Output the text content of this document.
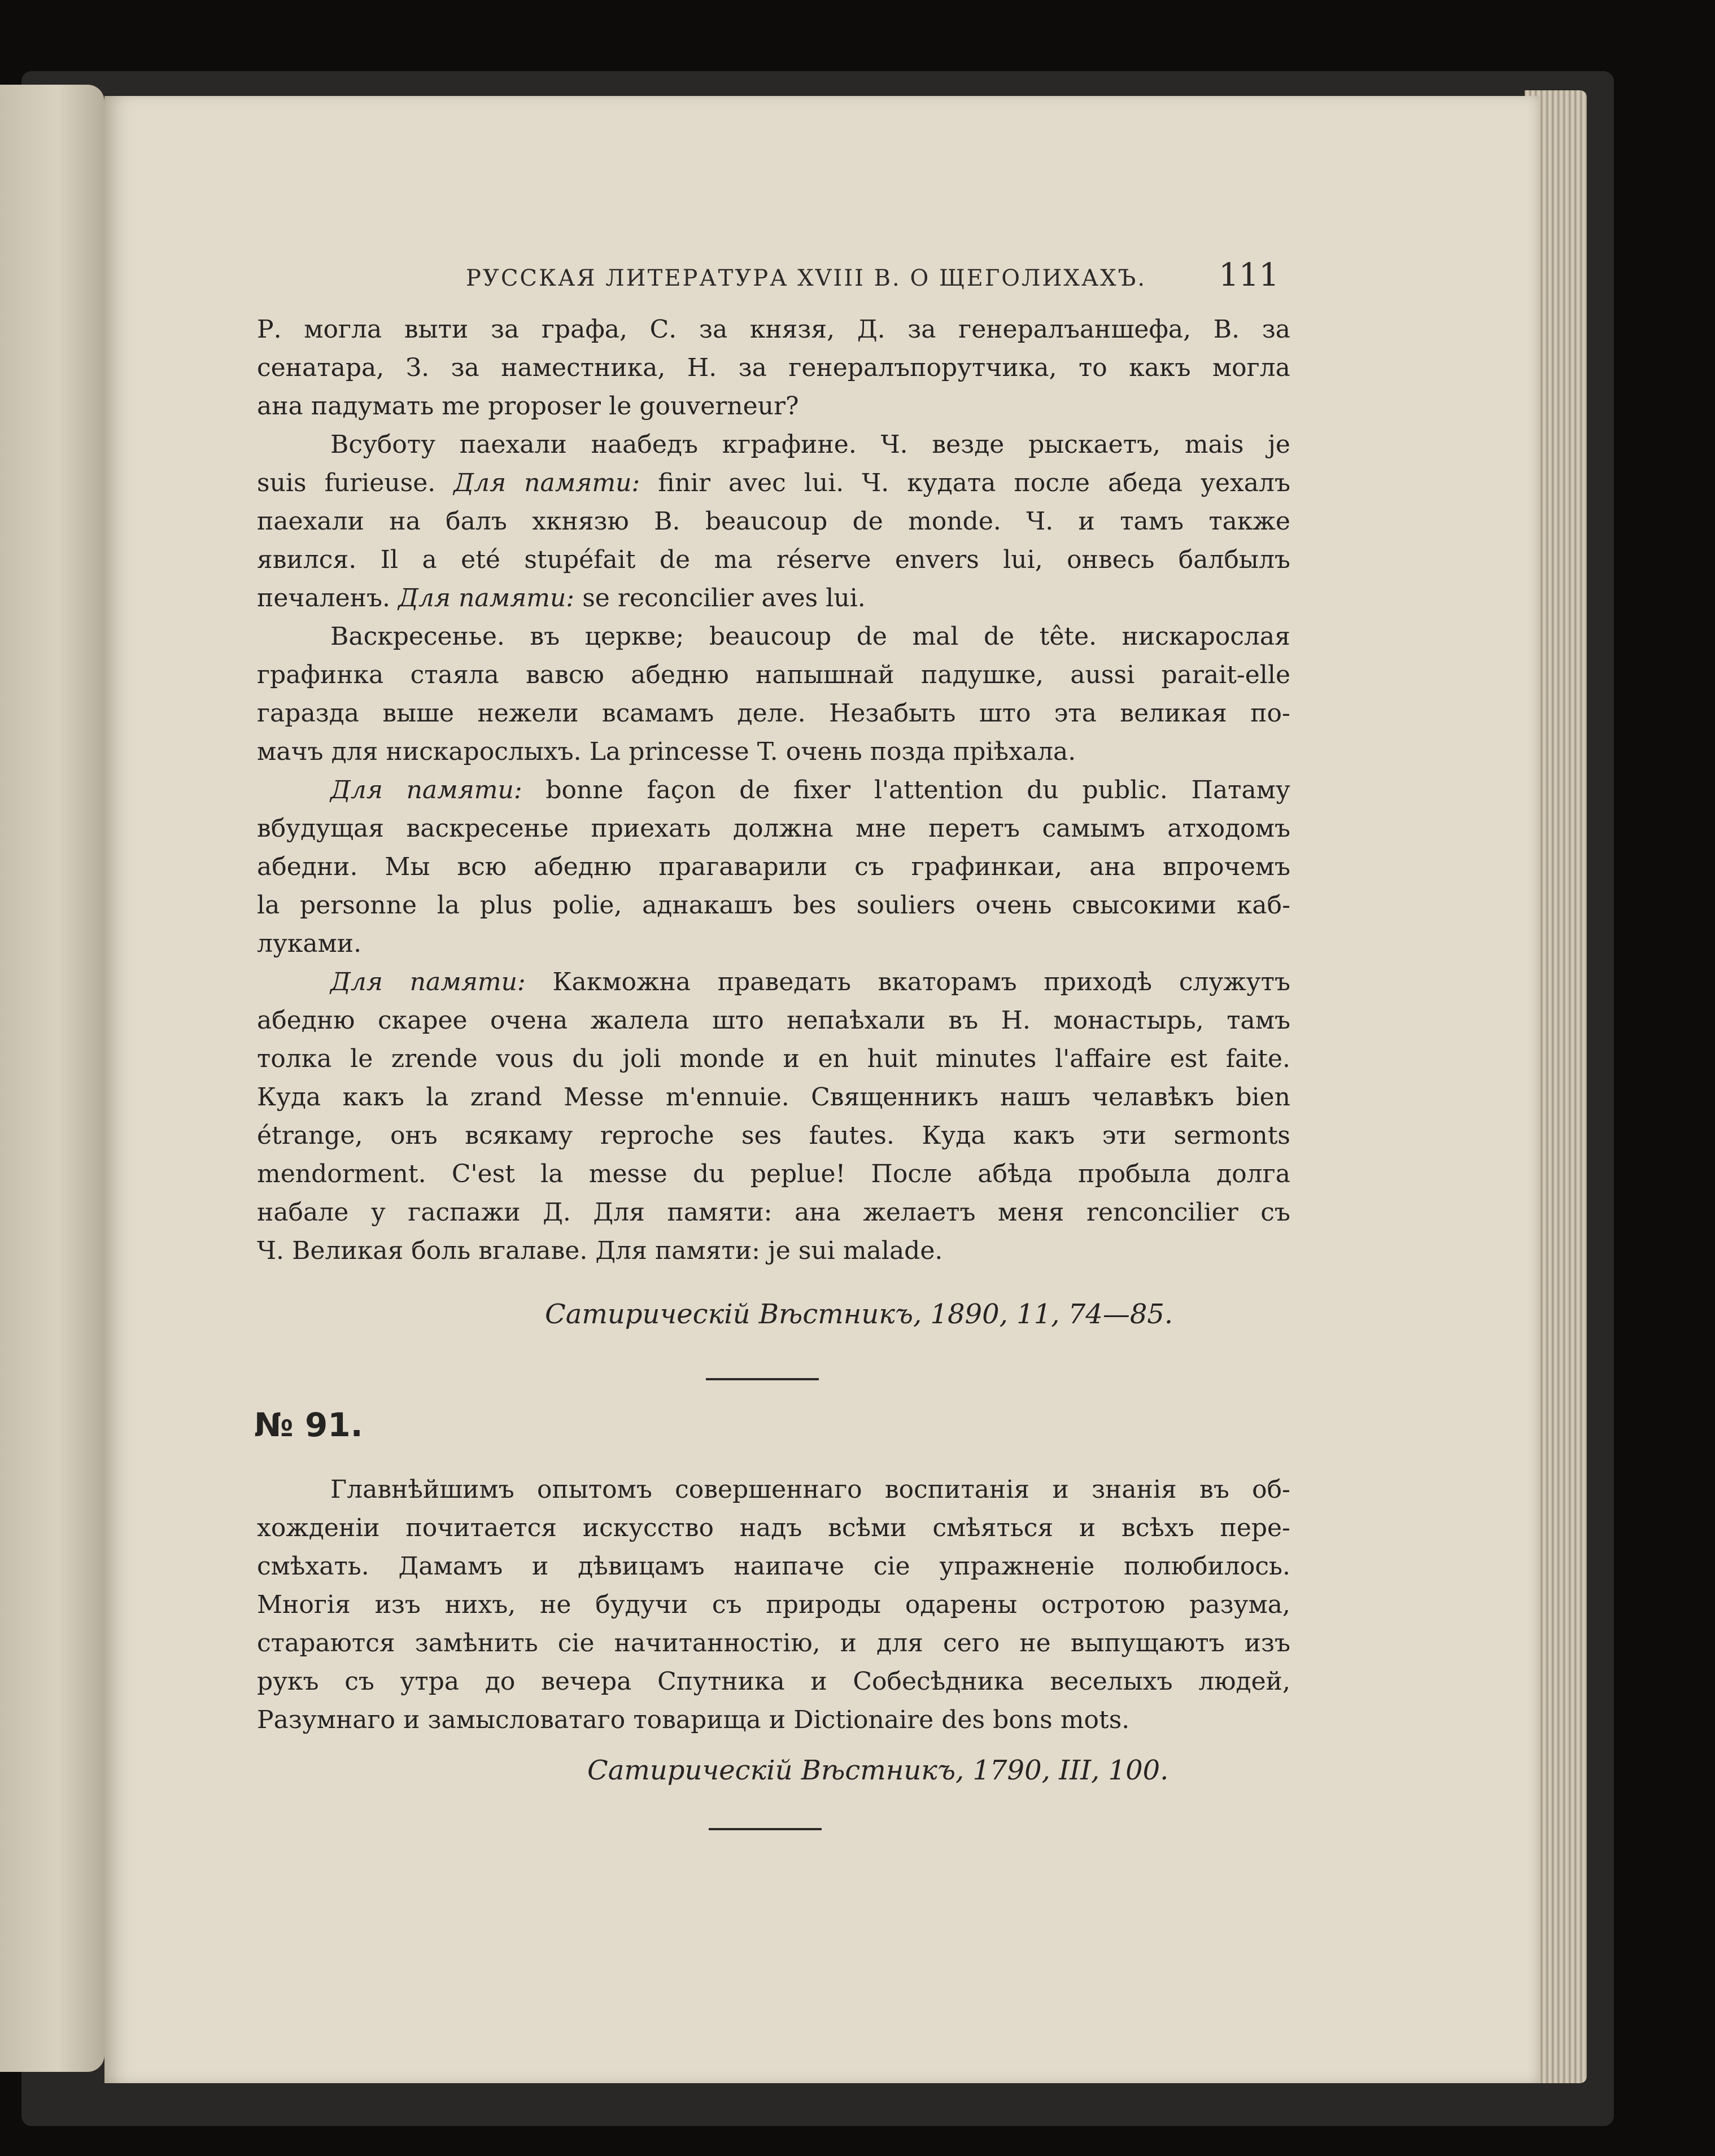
РУССКАЯ ЛИТЕРАТУРА XVIII В. О ЩЕГОЛИХАХЪ. 111
Р. могла выти за графа, С. за князя, Д. за генералъаншефа, В. за
сенатара, З. за наместника, Н. за генералъпорутчика, то какъ могла
ана падумать me proposer le gouverneur?
Всуботу паехали наабедъ кграфине. Ч. везде рыскаетъ, mais je
suis furieuse. Для памяти: finir avec lui. Ч. кудата после абеда уехалъ
паехали на балъ хкнязю В. beaucoup de monde. Ч. и тамъ также
явился. Il a eté stupéfait de ma réserve envers lui, онвесь балбылъ
печаленъ. Для памяти: se reconcilier aves lui.
Васкресенье. въ церкве; beaucoup de mal de tête. нискарослая
графинка стаяла вавсю абедню напышнай падушке, aussi parait-elle
гаразда выше нежели всамамъ деле. Незабыть што эта великая по-
мачъ для нискарослыхъ. La princesse T. очень позда прiѣхала.
Для памяти: bonne façon de fixer l'attention du public. Патаму
вбудущая васкресенье приехать должна мне перетъ самымъ атходомъ
абедни. Мы всю абедню прагаварили съ графинкаи, ана впрочемъ
la personne la plus polie, аднакашъ bes souliers очень свысокими каб-
луками.
Для памяти: Какможна праведать вкаторамъ приходѣ служутъ
абедню скарее очена жалела што непаѣхали въ Н. монастырь, тамъ
толка le zrende vous du joli monde и en huit minutes l'affaire est faite.
Куда какъ la zrand Messe m'ennuie. Священникъ нашъ челавѣкъ bien
étrange, онъ всякаму reproche ses fautes. Куда какъ эти sermonts
mendorment. C'est la messe du peplue! После абѣда пробыла долга
набале у гаспажи Д. Для памяти: ана желаетъ меня renconcilier съ
Ч. Великая боль вгалаве. Для памяти: je sui malade.
Сатирическій Вѣстникъ, 1890, 11, 74—85.
№ 91.
Главнѣйшимъ опытомъ совершеннаго воспитанiя и знанiя въ об-
хожденiи почитается искусство надъ всѣми смѣяться и всѣхъ пере-
смѣхать. Дамамъ и дѣвицамъ наипаче сiе упражненiе полюбилось.
Многiя изъ нихъ, не будучи съ природы одарены остротою разума,
стараются замѣнить сiе начитанностiю, и для сего не выпущаютъ изъ
рукъ съ утра до вечера Спутника и Собесѣдника веселыхъ людей,
Разумнаго и замысловатаго товарища и Dictionaire des bons mots.
Сатирическій Вѣстникъ, 1790, III, 100.
